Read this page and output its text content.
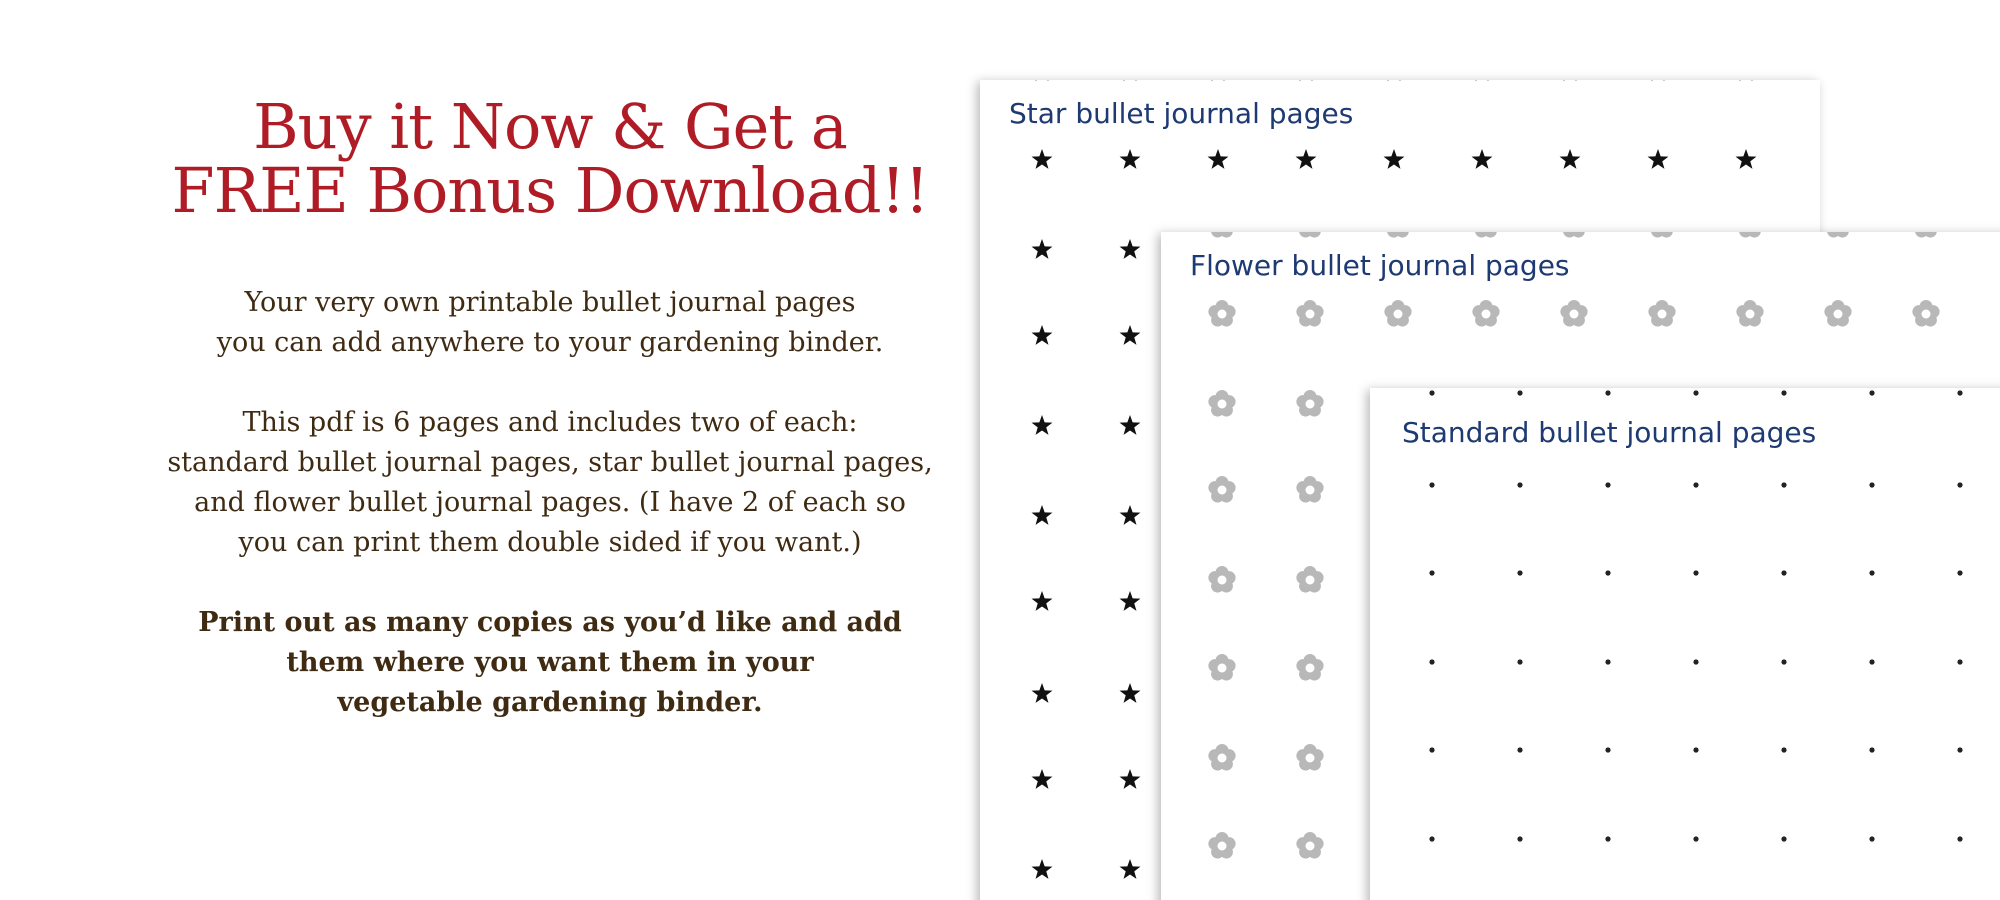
Buy it Now & Get a
FREE Bonus Download!!

Your very own printable bullet journal pages
you can add anywhere to your gardening binder.

This pdf is 6 pages and includes two of each:
standard bullet journal pages, star bullet journal pages,
and flower bullet journal pages. (I have 2 of each so
you can print them double sided if you want.)

Print out as many copies as you’d like and add
them where you want them in your
vegetable gardening binder.

Star bullet journal pages
Flower bullet journal pages
Standard bullet journal pages
